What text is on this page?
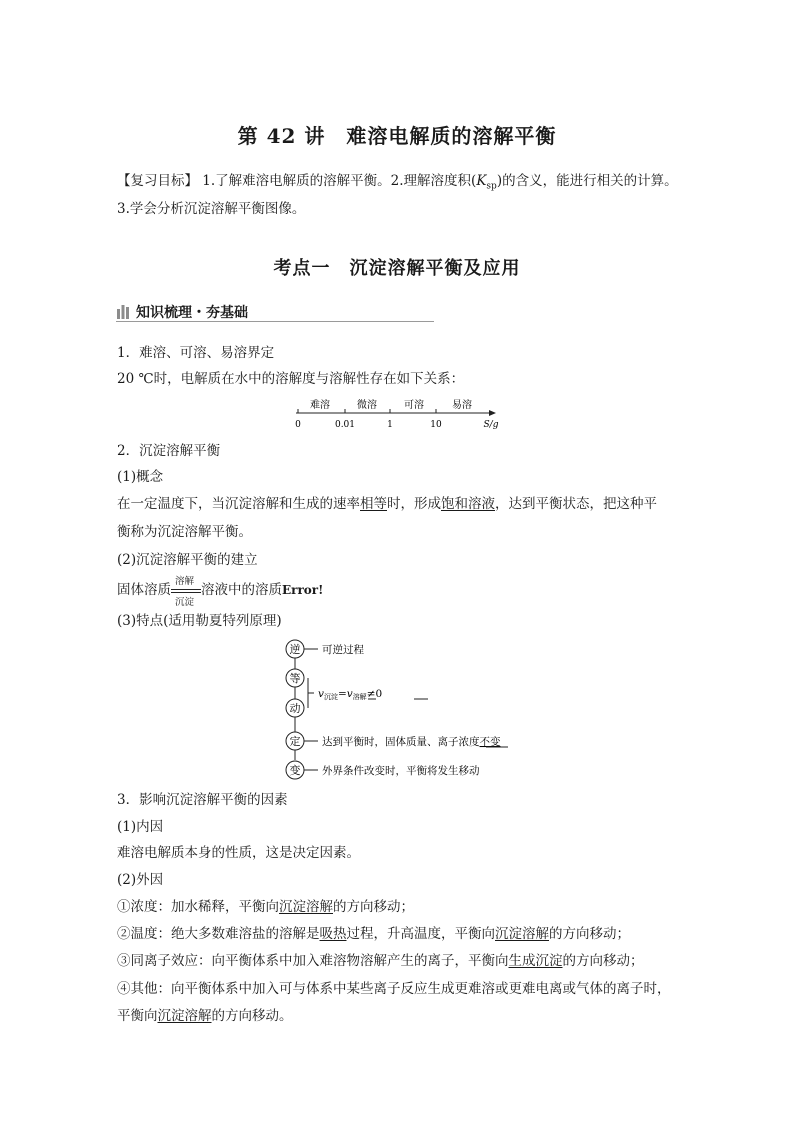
第 42 讲　难溶电解质的溶解平衡
【复习目标】 1.了解难溶电解质的溶解平衡。2.理解溶度积$(K_{sp})$的含义，能进行相关的计算。
3.学会分析沉淀溶解平衡图像。
考点一　沉淀溶解平衡及应用
知识梳理・夯基础
1．难溶、可溶、易溶界定
20 ℃时，电解质在水中的溶解度与溶解性存在如下关系：
难溶	微溶	可溶	易溶
0	0.01	1	10	S/g
2．沉淀溶解平衡
(1)概念
在一定温度下，当沉淀溶解和生成的速率相等时，形成饱和溶液，达到平衡状态，把这种平
衡称为沉淀溶解平衡。
(2)沉淀溶解平衡的建立
固体溶质
溶解
沉淀
溶液中的溶质Error!
(3)特点(适用勒夏特列原理)
逆
等
动
定
变
可逆过程
v沉淀=v溶解≠0
达到平衡时，固体质量、离子浓度不变
外界条件改变时，平衡将发生移动
3．影响沉淀溶解平衡的因素
(1)内因
难溶电解质本身的性质，这是决定因素。
(2)外因
①浓度：加水稀释，平衡向沉淀溶解的方向移动；
②温度：绝大多数难溶盐的溶解是吸热过程，升高温度，平衡向沉淀溶解的方向移动；
③同离子效应：向平衡体系中加入难溶物溶解产生的离子，平衡向生成沉淀的方向移动；
④其他：向平衡体系中加入可与体系中某些离子反应生成更难溶或更难电离或气体的离子时，
平衡向沉淀溶解的方向移动。
